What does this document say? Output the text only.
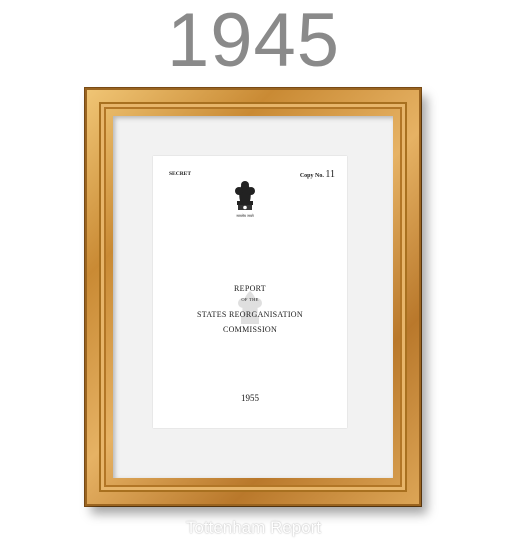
1945
SECRET	Copy No. 11
सत्यमेव जयते
REPORT
OF THE
STATES REORGANISATION
COMMISSION
1955
Tottenham Report
